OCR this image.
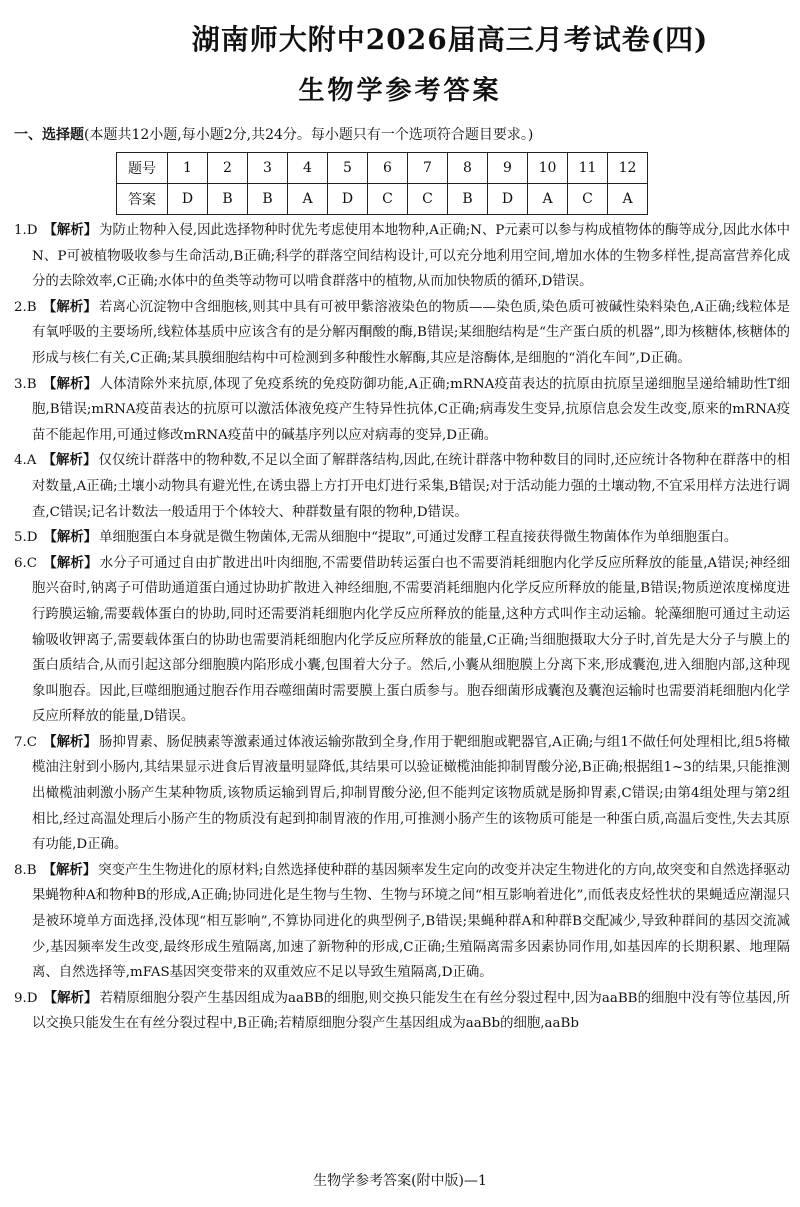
湖南师大附中2026届高三月考试卷(四)
生物学参考答案
一、选择题(本题共12小题,每小题2分,共24分。每小题只有一个选项符合题目要求。)
题号	1	2	3	4	5	6	7	8	9	10	11	12
答案	D	B	B	A	D	C	C	B	D	A	C	A
1.D 【解析】 为防止物种入侵,因此选择物种时优先考虑使用本地物种,A正确;N、P元素可以参与构成植物体的酶等成分,因此水体中N、P可被植物吸收参与生命活动,B正确;科学的群落空间结构设计,可以充分地利用空间,增加水体的生物多样性,提高富营养化成分的去除效率,C正确;水体中的鱼类等动物可以啃食群落中的植物,从而加快物质的循环,D错误。
2.B 【解析】 若离心沉淀物中含细胞核,则其中具有可被甲紫溶液染色的物质——染色质,染色质可被碱性染料染色,A正确;线粒体是有氧呼吸的主要场所,线粒体基质中应该含有的是分解丙酮酸的酶,B错误;某细胞结构是“生产蛋白质的机器”,即为核糖体,核糖体的形成与核仁有关,C正确;某具膜细胞结构中可检测到多种酸性水解酶,其应是溶酶体,是细胞的“消化车间”,D正确。
3.B 【解析】 人体清除外来抗原,体现了免疫系统的免疫防御功能,A正确;mRNA疫苗表达的抗原由抗原呈递细胞呈递给辅助性T细胞,B错误;mRNA疫苗表达的抗原可以激活体液免疫产生特异性抗体,C正确;病毒发生变异,抗原信息会发生改变,原来的mRNA疫苗不能起作用,可通过修改mRNA疫苗中的碱基序列以应对病毒的变异,D正确。
4.A 【解析】 仅仅统计群落中的物种数,不足以全面了解群落结构,因此,在统计群落中物种数目的同时,还应统计各物种在群落中的相对数量,A正确;土壤小动物具有避光性,在诱虫器上方打开电灯进行采集,B错误;对于活动能力强的土壤动物,不宜采用样方法进行调查,C错误;记名计数法一般适用于个体较大、种群数量有限的物种,D错误。
5.D 【解析】 单细胞蛋白本身就是微生物菌体,无需从细胞中“提取”,可通过发酵工程直接获得微生物菌体作为单细胞蛋白。
6.C 【解析】 水分子可通过自由扩散进出叶肉细胞,不需要借助转运蛋白也不需要消耗细胞内化学反应所释放的能量,A错误;神经细胞兴奋时,钠离子可借助通道蛋白通过协助扩散进入神经细胞,不需要消耗细胞内化学反应所释放的能量,B错误;物质逆浓度梯度进行跨膜运输,需要载体蛋白的协助,同时还需要消耗细胞内化学反应所释放的能量,这种方式叫作主动运输。轮藻细胞可通过主动运输吸收钾离子,需要载体蛋白的协助也需要消耗细胞内化学反应所释放的能量,C正确;当细胞摄取大分子时,首先是大分子与膜上的蛋白质结合,从而引起这部分细胞膜内陷形成小囊,包围着大分子。然后,小囊从细胞膜上分离下来,形成囊泡,进入细胞内部,这种现象叫胞吞。因此,巨噬细胞通过胞吞作用吞噬细菌时需要膜上蛋白质参与。胞吞细菌形成囊泡及囊泡运输时也需要消耗细胞内化学反应所释放的能量,D错误。
7.C 【解析】 肠抑胃素、肠促胰素等激素通过体液运输弥散到全身,作用于靶细胞或靶器官,A正确;与组1不做任何处理相比,组5将橄榄油注射到小肠内,其结果显示进食后胃液量明显降低,其结果可以验证橄榄油能抑制胃酸分泌,B正确;根据组1~3的结果,只能推测出橄榄油刺激小肠产生某种物质,该物质运输到胃后,抑制胃酸分泌,但不能判定该物质就是肠抑胃素,C错误;由第4组处理与第2组相比,经过高温处理后小肠产生的物质没有起到抑制胃液的作用,可推测小肠产生的该物质可能是一种蛋白质,高温后变性,失去其原有功能,D正确。
8.B 【解析】 突变产生生物进化的原材料;自然选择使种群的基因频率发生定向的改变并决定生物进化的方向,故突变和自然选择驱动果蝇物种A和物种B的形成,A正确;协同进化是生物与生物、生物与环境之间“相互影响着进化”,而低表皮烃性状的果蝇适应潮湿只是被环境单方面选择,没体现“相互影响”,不算协同进化的典型例子,B错误;果蝇种群A和种群B交配减少,导致种群间的基因交流减少,基因频率发生改变,最终形成生殖隔离,加速了新物种的形成,C正确;生殖隔离需多因素协同作用,如基因库的长期积累、地理隔离、自然选择等,mFAS基因突变带来的双重效应不足以导致生殖隔离,D正确。
9.D 【解析】 若精原细胞分裂产生基因组成为aaBB的细胞,则交换只能发生在有丝分裂过程中,因为aaBB的细胞中没有等位基因,所以交换只能发生在有丝分裂过程中,B正确;若精原细胞分裂产生基因组成为aaBb的细胞,aaBb
生物学参考答案(附中版)—1
